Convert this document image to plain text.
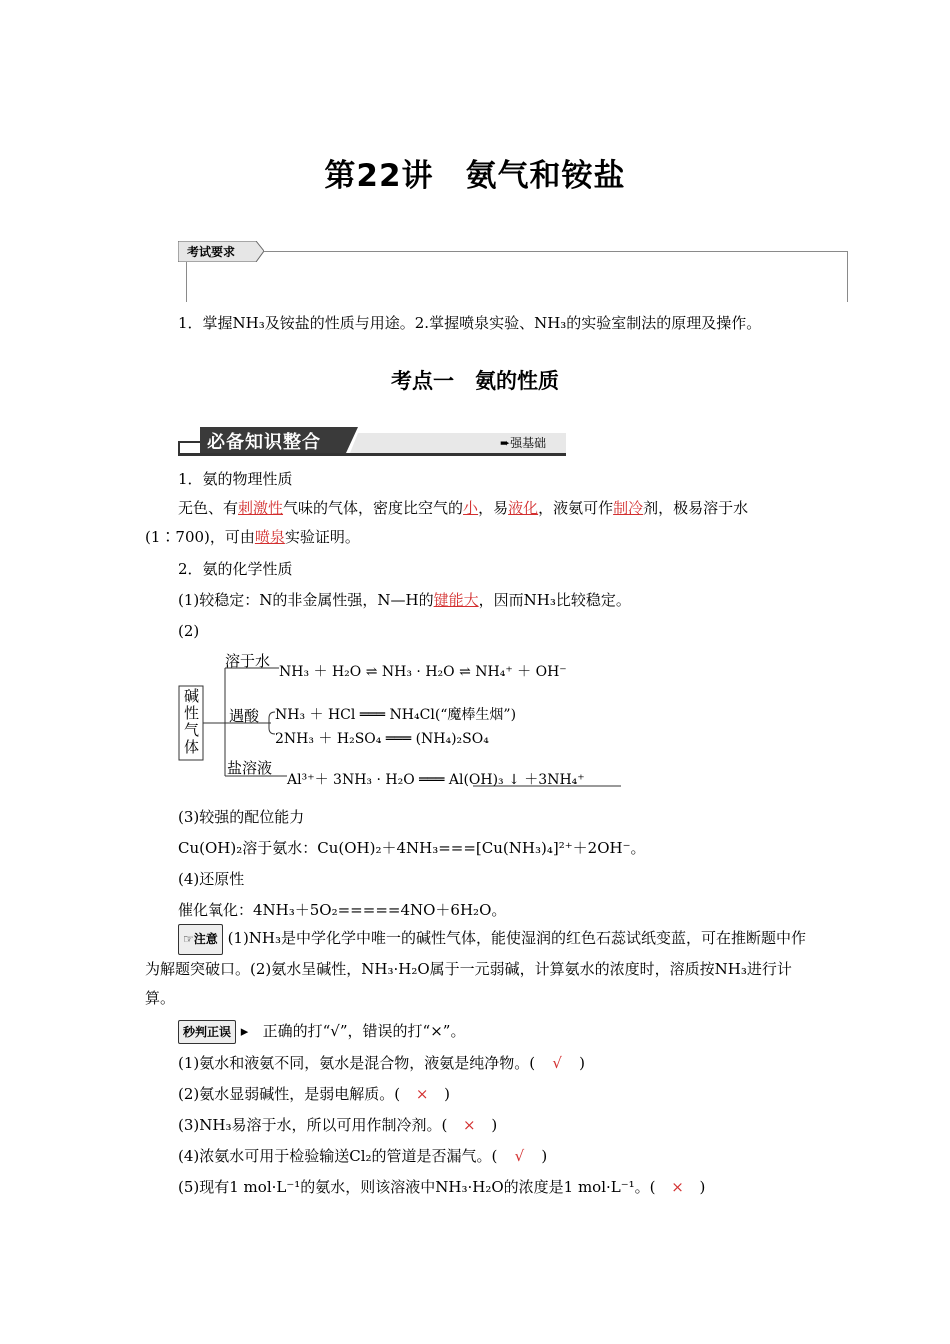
第22讲　氨气和铵盐
考试要求
1．掌握NH₃及铵盐的性质与用途。2.掌握喷泉实验、NH₃的实验室制法的原理及操作。
考点一　氨的性质
必备知识整合	➨强基础
1．氨的物理性质
无色、有刺激性气味的气体，密度比空气的小，易液化，液氨可作制冷剂，极易溶于水(1∶700)，可由喷泉实验证明。
2．氨的化学性质
(1)较稳定：N的非金属性强，N—H的键能大，因而NH₃比较稳定。
(2)
碱
性
气
体
溶于水
NH₃ ＋ H₂O ⇌ NH₃ · H₂O ⇌ NH₄⁺ ＋ OH⁻
遇酸 NH₃ ＋ HCl ═══ NH₄Cl(“魔棒生烟”)
2NH₃ ＋ H₂SO₄ ═══ (NH₄)₂SO₄
盐溶液
Al³⁺＋ 3NH₃ · H₂O ═══ Al(OH)₃ ↓ ＋3NH₄⁺
(3)较强的配位能力
Cu(OH)₂溶于氨水：Cu(OH)₂＋4NH₃===[Cu(NH₃)₄]²⁺＋2OH⁻。
(4)还原性
催化氧化：4NH₃＋5O₂=====4NO＋6H₂O。
☞注意 (1)NH₃是中学化学中唯一的碱性气体，能使湿润的红色石蕊试纸变蓝，可在推断题中作为解题突破口。(2)氨水呈碱性，NH₃·H₂O属于一元弱碱，计算氨水的浓度时，溶质按NH₃进行计算。
秒判正误 ▸ 正确的打“√”，错误的打“×”。
(1)氨水和液氨不同，氨水是混合物，液氨是纯净物。( √ )
(2)氨水显弱碱性，是弱电解质。( × )
(3)NH₃易溶于水，所以可用作制冷剂。( × )
(4)浓氨水可用于检验输送Cl₂的管道是否漏气。( √ )
(5)现有1 mol·L⁻¹的氨水，则该溶液中NH₃·H₂O的浓度是1 mol·L⁻¹。( × )
